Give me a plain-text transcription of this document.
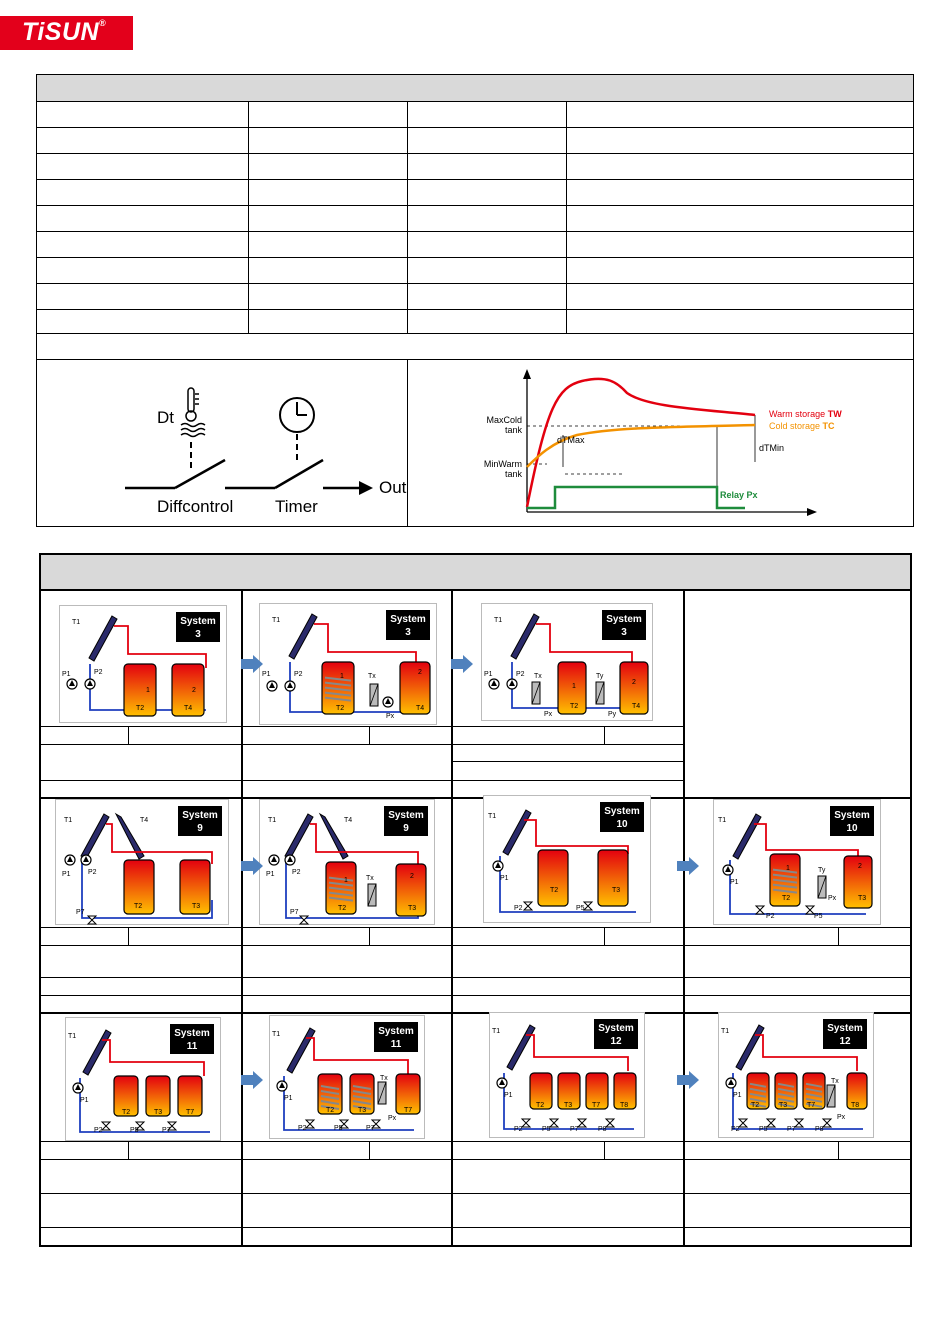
TiSUN®
Dt
Out
Diffcontrol Timer
MaxCold
tank
MinWarm
tank
dTMax
dTMin
Warm storage TW
Cold storage TC
Relay Px
System
3
T1
P1	P2
1	2
T2	T4
System
3
T1
P1	P2	1
2
Tx
T2
Px
T4
System
3
T1
P1	P2 Tx	Ty
1
2
T2
Px	Py
T4
System
9
T1	T4
P1 P2
T2	T3
P7
System
9
T1	T4
P1 P2
1
2
Tx
T2	T3
P7
System
10
T1
P1
T2	T3
P2	P5
System
10
T1
P1
1	2
Ty
T2	T3
Px
P2	P5
System
11
T1
P1
T2	T3	T7
P2	P5	P7
System
11
T1
P1
Tx
T2	T3	T7
Px
P2	P5	P7
System
12
T1
P1
T2	T3	T7	T8
P2	P5	P7	P8
System
12
T1
P1
Tx
T2	T3	T7	T8
Px
P2	P5	P7	P8
